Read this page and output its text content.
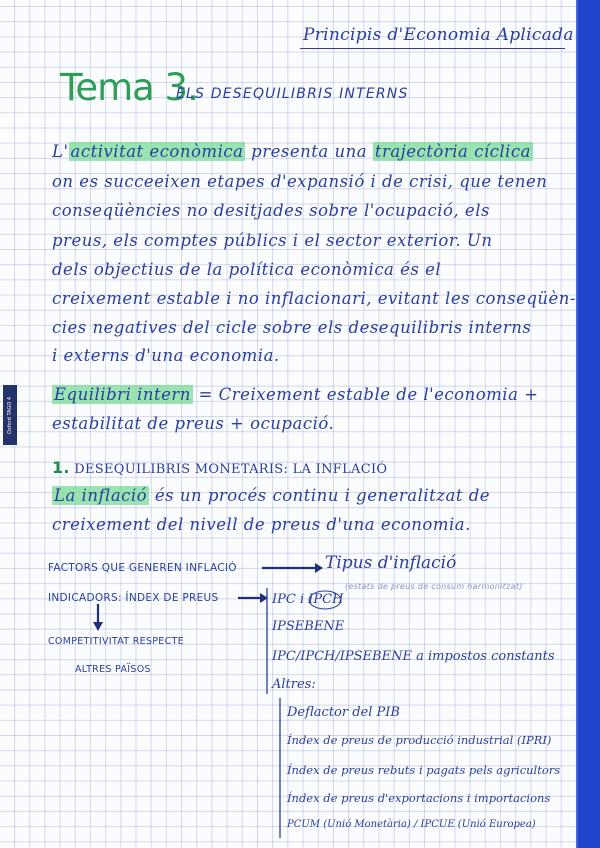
Oxford TAGO 4
Principis d'Economia Aplicada
Tema 3.
ELS DESEQUILIBRIS INTERNS
L' activitat econòmica presenta una trajectòria cíclica
on es succeeixen etapes d'expansió i de crisi, que tenen
conseqüències no desitjades sobre l'ocupació, els
preus, els comptes públics i el sector exterior. Un
dels objectius de la política econòmica és el
creixement estable i no inflacionari, evitant les conseqüèn-
cies negatives del cicle sobre els desequilibris interns
i externs d'una economia.
Equilibri intern = Creixement estable de l'economia +
estabilitat de preus + ocupació.
1. DESEQUILIBRIS MONETARIS: LA INFLACIÓ
La inflació és un procés continu i generalitzat de
creixement del nivell de preus d'una economia.
FACTORS QUE GENEREN INFLACIÓ	Tipus d'inflació
(estats de preus de consum harmonitzat)
INDICADORS: ÍNDEX DE PREUS
COMPETITIVITAT RESPECTE
ALTRES PAÏSOS
IPC i IPCH
IPSEBENE
IPC/IPCH/IPSEBENE a impostos constants
Altres:
Deflactor del PIB
Índex de preus de producció industrial (IPRI)
Índex de preus rebuts i pagats pels agricultors
Índex de preus d'exportacions i importacions
PCUM (Unió Monetària) / IPCUE (Unió Europea)
